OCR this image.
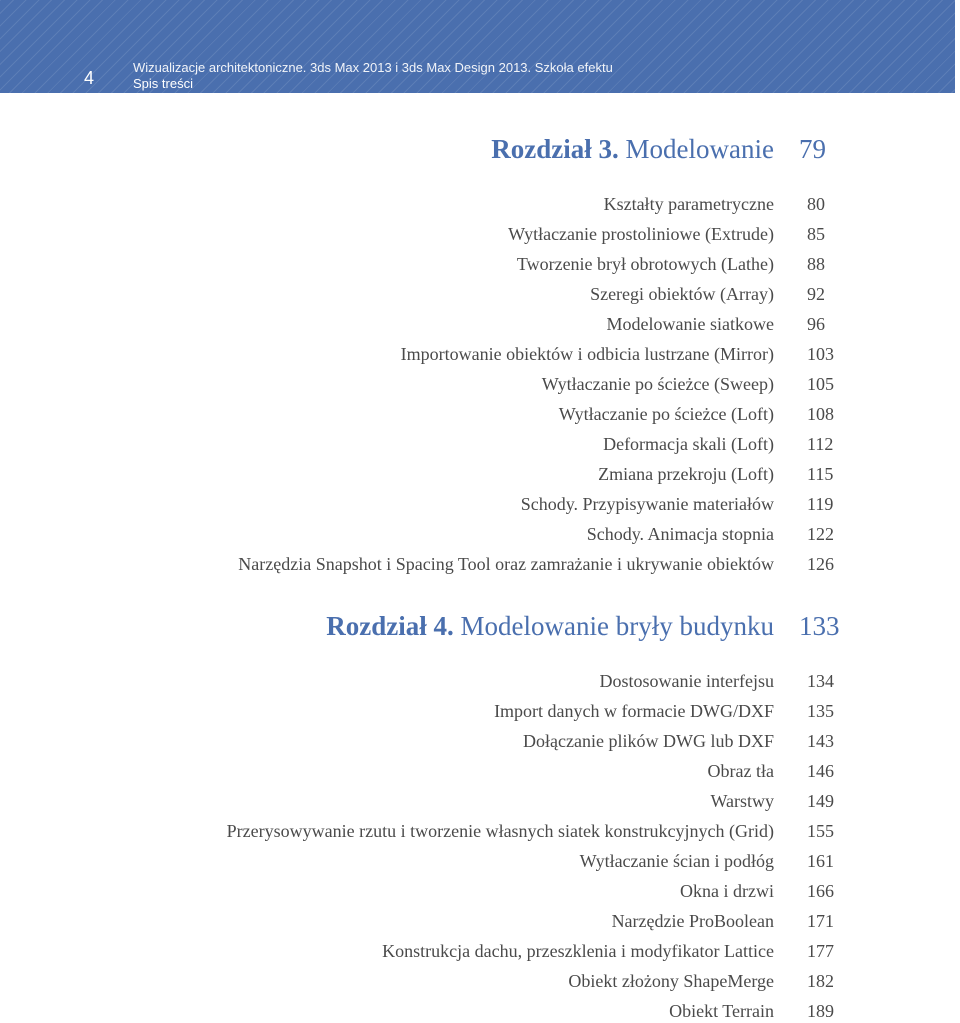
4
Wizualizacje architektoniczne. 3ds Max 2013 i 3ds Max Design 2013. Szkoła efektu
Spis treści
Rozdział 3. Modelowanie 79
Kształty parametryczne 80
Wytłaczanie prostoliniowe (Extrude) 85
Tworzenie brył obrotowych (Lathe) 88
Szeregi obiektów (Array) 92
Modelowanie siatkowe 96
Importowanie obiektów i odbicia lustrzane (Mirror) 103
Wytłaczanie po ścieżce (Sweep) 105
Wytłaczanie po ścieżce (Loft) 108
Deformacja skali (Loft) 112
Zmiana przekroju (Loft) 115
Schody. Przypisywanie materiałów 119
Schody. Animacja stopnia 122
Narzędzia Snapshot i Spacing Tool oraz zamrażanie i ukrywanie obiektów 126
Rozdział 4. Modelowanie bryły budynku 133
Dostosowanie interfejsu 134
Import danych w formacie DWG/DXF 135
Dołączanie plików DWG lub DXF 143
Obraz tła 146
Warstwy 149
Przerysowywanie rzutu i tworzenie własnych siatek konstrukcyjnych (Grid) 155
Wytłaczanie ścian i podłóg 161
Okna i drzwi 166
Narzędzie ProBoolean 171
Konstrukcja dachu, przeszklenia i modyfikator Lattice 177
Obiekt złożony ShapeMerge 182
Obiekt Terrain 189
